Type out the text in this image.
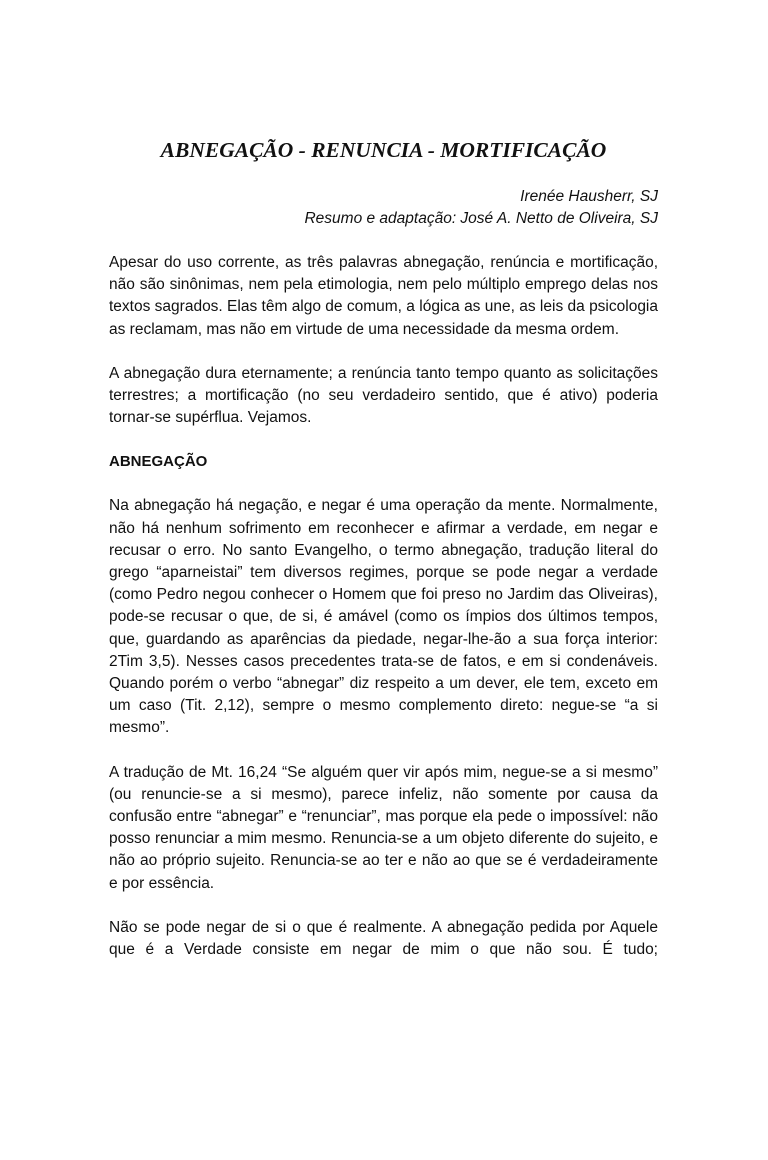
ABNEGAÇÃO - RENUNCIA - MORTIFICAÇÃO
Irenée Hausherr, SJ
Resumo e adaptação: José A. Netto de Oliveira, SJ

Apesar do uso corrente, as três palavras abnegação, renúncia e mortificação, não são sinônimas, nem pela etimologia, nem pelo múltiplo emprego delas nos textos sagrados. Elas têm algo de comum, a lógica as une, as leis da psicologia as reclamam, mas não em virtude de uma necessidade da mesma ordem.

A abnegação dura eternamente; a renúncia tanto tempo quanto as solicitações terrestres; a mortificação (no seu verdadeiro sentido, que é ativo) poderia tornar-se supérflua. Vejamos.

ABNEGAÇÃO

Na abnegação há negação, e negar é uma operação da mente. Normalmente, não há nenhum sofrimento em reconhecer e afirmar a verdade, em negar e recusar o erro. No santo Evangelho, o termo abnegação, tradução literal do grego “aparneistai” tem diversos regimes, porque se pode negar a verdade (como Pedro negou conhecer o Homem que foi preso no Jardim das Oliveiras), pode-se recusar o que, de si, é amável (como os ímpios dos últimos tempos, que, guardando as aparências da piedade, negar-lhe-ão a sua força interior: 2Tim 3,5). Nesses casos precedentes trata-se de fatos, e em si condenáveis. Quando porém o verbo “abnegar” diz respeito a um dever, ele tem, exceto em um caso (Tit. 2,12), sempre o mesmo complemento direto: negue-se “a si mesmo”.

A tradução de Mt. 16,24 “Se alguém quer vir após mim, negue-se a si mesmo” (ou renuncie-se a si mesmo), parece infeliz, não somente por causa da confusão entre “abnegar” e “renunciar”, mas porque ela pede o impossível: não posso renunciar a mim mesmo. Renuncia-se a um objeto diferente do sujeito, e não ao próprio sujeito. Renuncia-se ao ter e não ao que se é verdadeiramente e por essência.

Não se pode negar de si o que é realmente. A abnegação pedida por Aquele que é a Verdade consiste em negar de mim o que não sou. É tudo;
